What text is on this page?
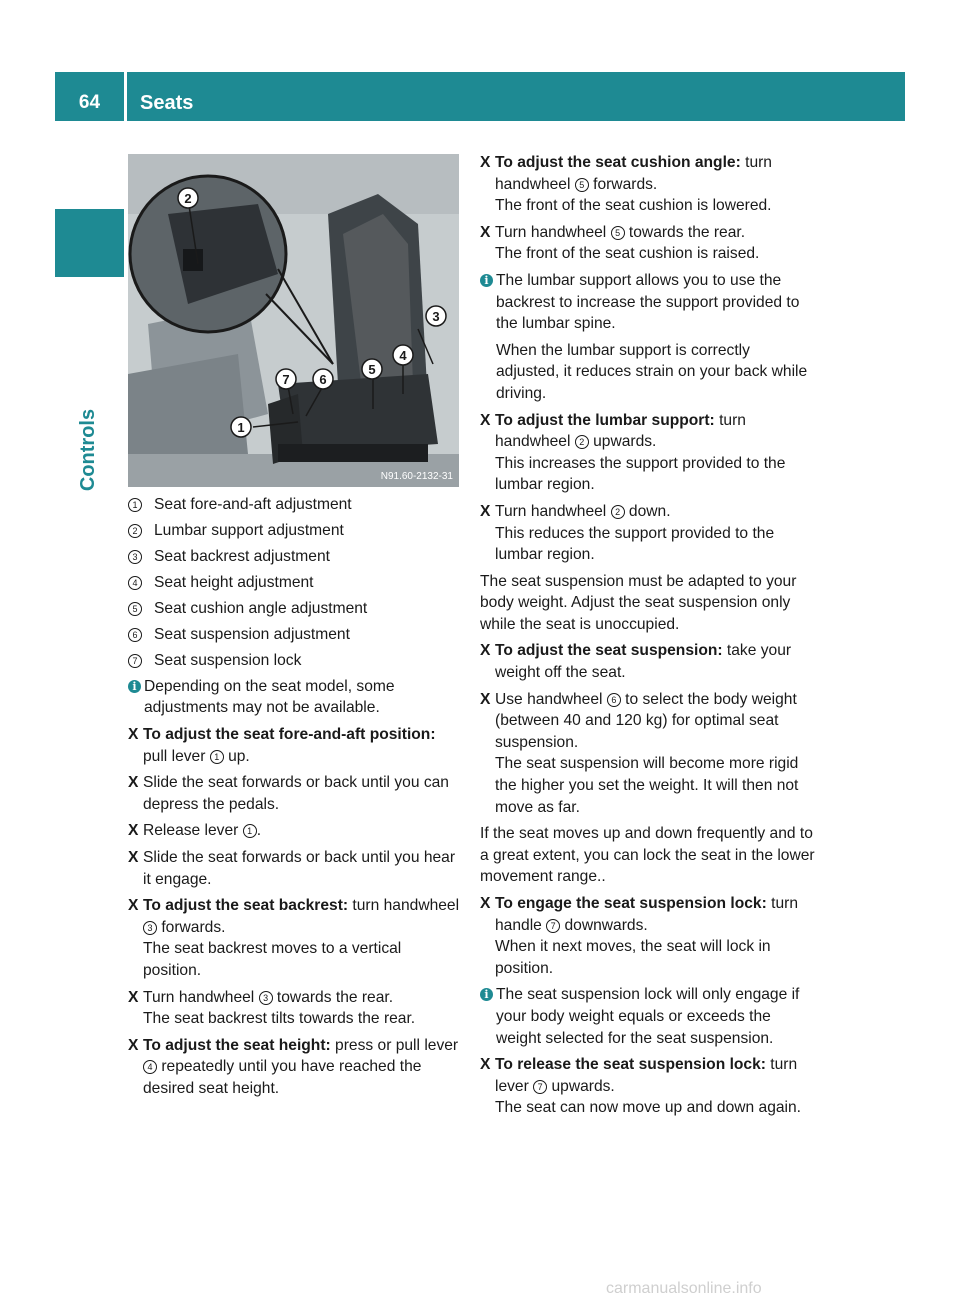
64	Seats
Controls
2
3
4
5
6
7
1
N91.60-2132-31
1	Seat fore-and-aft adjustment
2	Lumbar support adjustment
3	Seat backrest adjustment
4	Seat height adjustment
5	Seat cushion angle adjustment
6	Seat suspension adjustment
7	Seat suspension lock
i Depending on the seat model, some adjustments may not be available.
X To adjust the seat fore-and-aft position: pull lever 1 up.
X Slide the seat forwards or back until you can depress the pedals.
X Release lever 1 .
X Slide the seat forwards or back until you hear it engage.
X To adjust the seat backrest: turn handwheel 3 forwards.
The seat backrest moves to a vertical position.
X Turn handwheel 3 towards the rear.
The seat backrest tilts towards the rear.
X To adjust the seat height: press or pull lever 4 repeatedly until you have reached the desired seat height.
X To adjust the seat cushion angle: turn handwheel 5 forwards.
The front of the seat cushion is lowered.
X Turn handwheel 5 towards the rear.
The front of the seat cushion is raised.
i The lumbar support allows you to use the backrest to increase the support provided to the lumbar spine.

When the lumbar support is correctly adjusted, it reduces strain on your back while driving.

X To adjust the lumbar support: turn handwheel 2 upwards.
This increases the support provided to the lumbar region.
X Turn handwheel 2 down.
This reduces the support provided to the lumbar region.

The seat suspension must be adapted to your body weight. Adjust the seat suspension only while the seat is unoccupied.

X To adjust the seat suspension: take your weight off the seat.
X Use handwheel 6 to select the body weight (between 40 and 120 kg) for optimal seat suspension.
The seat suspension will become more rigid the higher you set the weight. It will then not move as far.

If the seat moves up and down frequently and to a great extent, you can lock the seat in the lower movement range..

X To engage the seat suspension lock: turn handle 7 downwards.
When it next moves, the seat will lock in position.
i The seat suspension lock will only engage if your body weight equals or exceeds the weight selected for the seat suspension.
X To release the seat suspension lock: turn lever 7 upwards.
The seat can now move up and down again.
carmanualsonline.info
